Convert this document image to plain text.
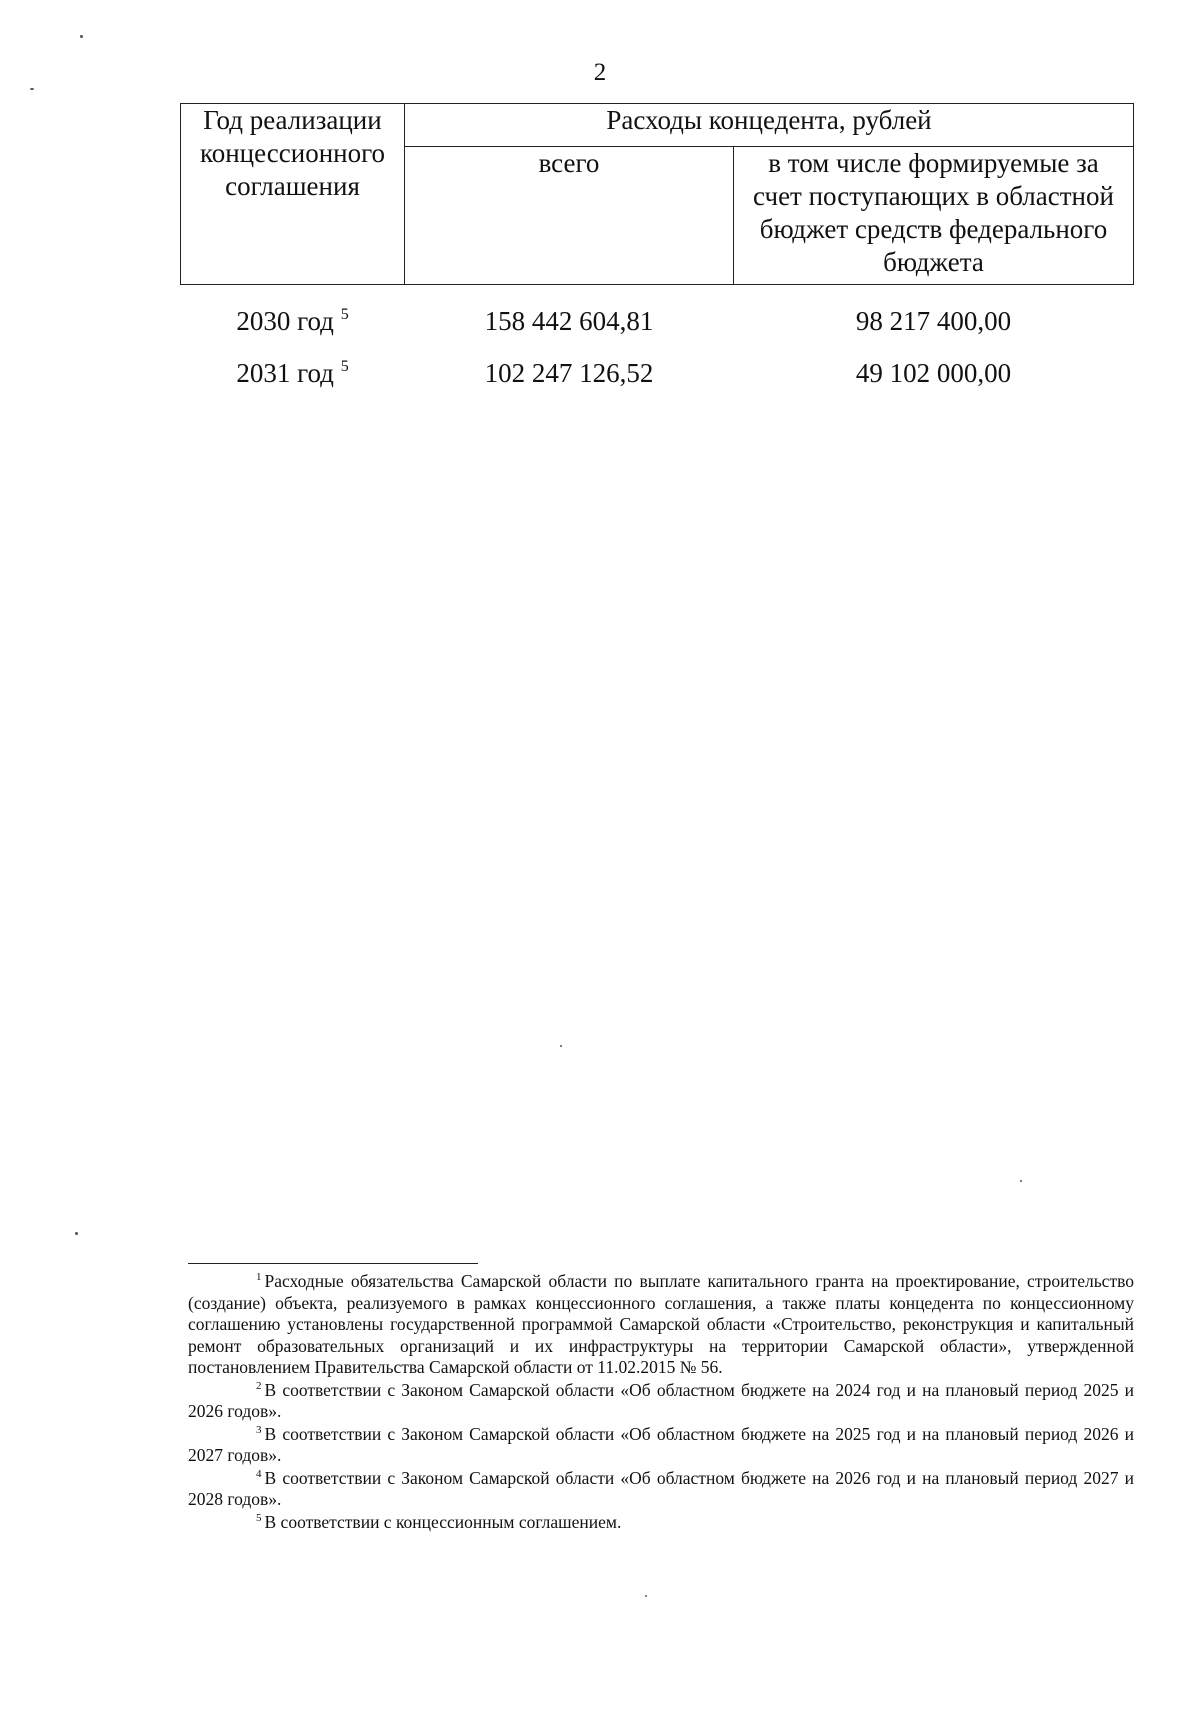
2
Год реализации концессионного соглашения	Расходы концедента, рублей	
	всего	в том числе формируемые за счет поступающих в областной бюджет средств федерального бюджета
2030 год $^5$	158 442 604,81	98 217 400,00
2031 год $^5$	102 247 126,52	49 102 000,00

$^1$ Расходные обязательства Самарской области по выплате капитального гранта на проектирование, строительство (создание) объекта, реализуемого в рамках концессионного соглашения, а также платы концедента по концессионному соглашению установлены государственной программой Самарской области «Строительство, реконструкция и капитальный ремонт образовательных организаций и их инфраструктуры на территории Самарской области», утвержденной постановлением Правительства Самарской области от 11.02.2015 № 56.

$^2$ В соответствии с Законом Самарской области «Об областном бюджете на 2024 год и на плановый период 2025 и 2026 годов».

$^3$ В соответствии с Законом Самарской области «Об областном бюджете на 2025 год и на плановый период 2026 и 2027 годов».

$^4$ В соответствии с Законом Самарской области «Об областном бюджете на 2026 год и на плановый период 2027 и 2028 годов».

$^5$ В соответствии с концессионным соглашением.
